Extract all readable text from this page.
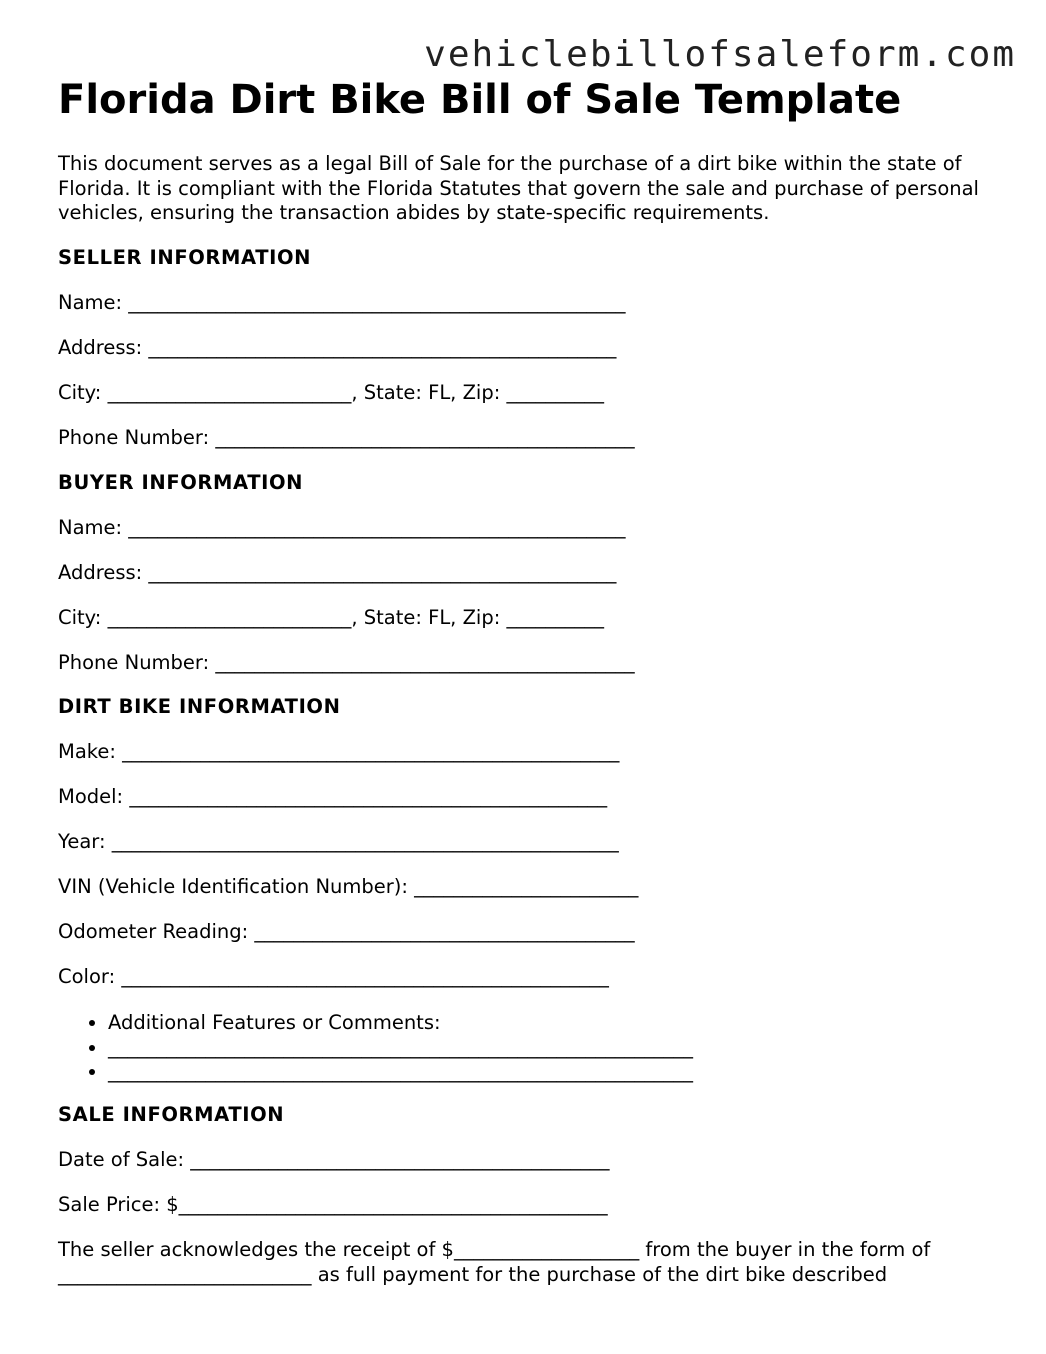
vehiclebillofsaleform.com
Florida Dirt Bike Bill of Sale Template

This document serves as a legal Bill of Sale for the purchase of a dirt bike within the state of Florida. It is compliant with the Florida Statutes that govern the sale and purchase of personal vehicles, ensuring the transaction abides by state-specific requirements.

SELLER INFORMATION
Name: ___________________________________________________
Address: ________________________________________________
City: _________________________, State: FL, Zip: __________
Phone Number: ___________________________________________
BUYER INFORMATION
Name: ___________________________________________________
Address: ________________________________________________
City: _________________________, State: FL, Zip: __________
Phone Number: ___________________________________________
DIRT BIKE INFORMATION
Make: ___________________________________________________
Model: _________________________________________________
Year: ____________________________________________________
VIN (Vehicle Identification Number): _______________________
Odometer Reading: _______________________________________
Color: __________________________________________________
• Additional Features or Comments:
• ____________________________________________________________
• ____________________________________________________________
SALE INFORMATION
Date of Sale: ___________________________________________
Sale Price: $____________________________________________

The seller acknowledges the receipt of $___________________ from the buyer in the form of __________________________ as full payment for the purchase of the dirt bike described
